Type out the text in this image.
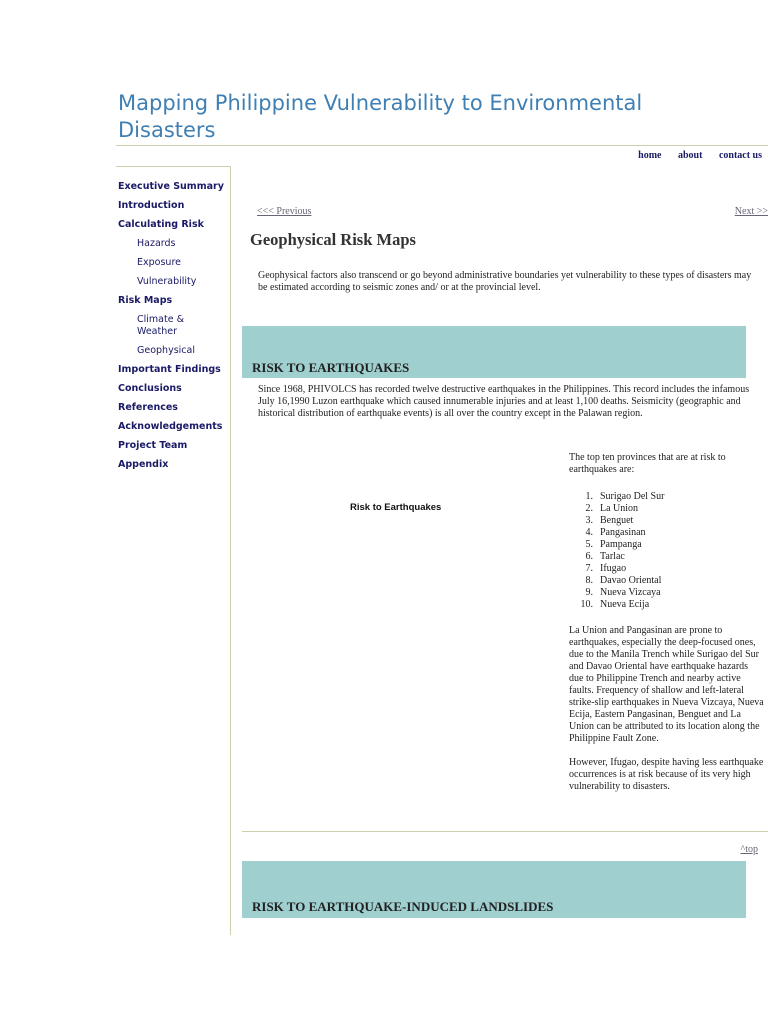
Mapping Philippine Vulnerability to Environmental Disasters
home about contact us
Executive Summary
Introduction
Calculating Risk
Hazards
Exposure
Vulnerability
Risk Maps
Climate & Weather
Geophysical
Important Findings
Conclusions
References
Acknowledgements
Project Team
Appendix
<<< Previous	Next >>
Geophysical Risk Maps

Geophysical factors also transcend or go beyond administrative boundaries yet vulnerability to these types of disasters may be estimated according to seismic zones and/ or at the provincial level.

RISK TO EARTHQUAKES

Since 1968, PHIVOLCS has recorded twelve destructive earthquakes in the Philippines. This record includes the infamous July 16,1990 Luzon earthquake which caused innumerable injuries and at least 1,100 deaths. Seismicity (geographic and historical distribution of earthquake events) is all over the country except in the Palawan region.

Risk to Earthquakes

The top ten provinces that are at risk to earthquakes are:

1. Surigao Del Sur
2. La Union
3. Benguet
4. Pangasinan
5. Pampanga
6. Tarlac
7. Ifugao
8. Davao Oriental
9. Nueva Vizcaya
10. Nueva Ecija

La Union and Pangasinan are prone to earthquakes, especially the deep-focused ones, due to the Manila Trench while Surigao del Sur and Davao Oriental have earthquake hazards due to Philippine Trench and nearby active faults. Frequency of shallow and left-lateral strike-slip earthquakes in Nueva Vizcaya, Nueva Ecija, Eastern Pangasinan, Benguet and La Union can be attributed to its location along the Philippine Fault Zone.

However, Ifugao, despite having less earthquake occurrences is at risk because of its very high vulnerability to disasters.

^top
RISK TO EARTHQUAKE-INDUCED LANDSLIDES
